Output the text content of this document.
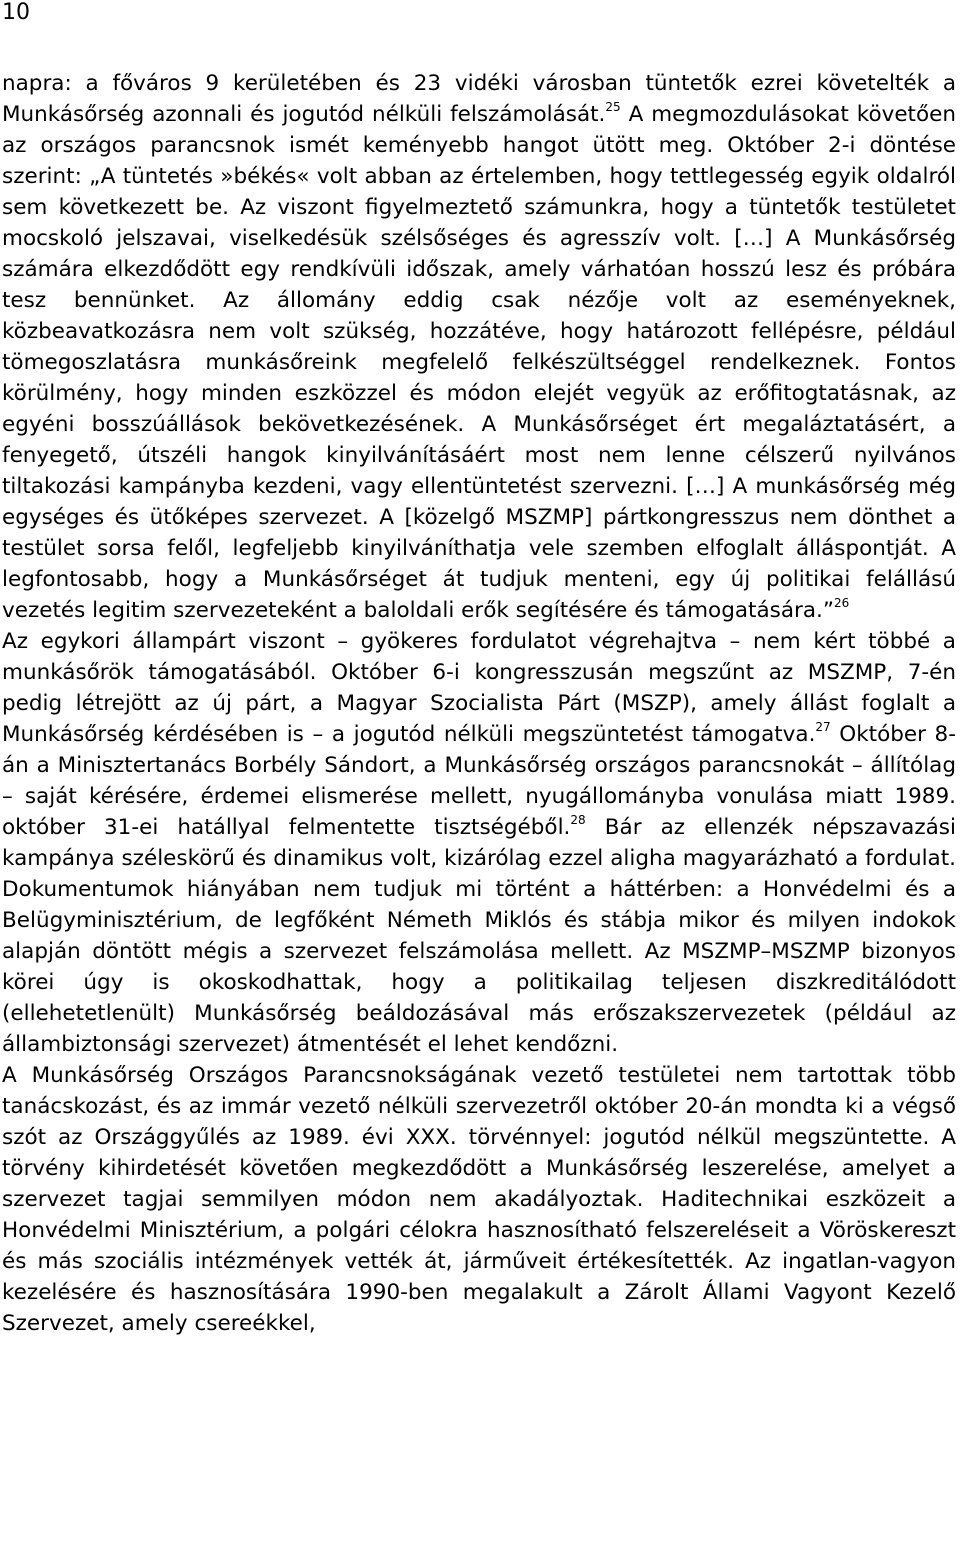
10

napra: a főváros 9 kerületében és 23 vidéki városban tüntetők ezrei követelték a Munkásőrség azonnali és jogutód nélküli felszámolását.$^{25}$ A megmozdulásokat követően az országos parancsnok ismét keményebb hangot ütött meg. Október 2-i döntése szerint: „A tüntetés »békés« volt abban az értelemben, hogy tettlegesség egyik oldalról sem következett be. Az viszont figyelmeztető számunkra, hogy a tüntetők testületet mocskoló jelszavai, viselkedésük szélsőséges és agresszív volt. […] A Munkásőrség számára elkezdődött egy rendkívüli időszak, amely várhatóan hosszú lesz és próbára tesz bennünket. Az állomány eddig csak nézője volt az eseményeknek, közbeavatkozásra nem volt szükség, hozzátéve, hogy határozott fellépésre, például tömegoszlatásra munkásőreink megfelelő felkészültséggel rendelkeznek. Fontos körülmény, hogy minden eszközzel és módon elejét vegyük az erőfitogtatásnak, az egyéni bosszúállások bekövetkezésének. A Munkásőrséget ért megaláztatásért, a fenyegető, útszéli hangok kinyilvánításáért most nem lenne célszerű nyilvános tiltakozási kampányba kezdeni, vagy ellentüntetést szervezni. […] A munkásőrség még egységes és ütőképes szervezet. A [közelgő MSZMP] pártkongresszus nem dönthet a testület sorsa felől, legfeljebb kinyilváníthatja vele szemben elfoglalt álláspontját. A legfontosabb, hogy a Munkásőrséget át tudjuk menteni, egy új politikai felállású vezetés legitim szervezeteként a baloldali erők segítésére és támogatására.”$^{26}$

Az egykori állampárt viszont – gyökeres fordulatot végrehajtva – nem kért többé a munkásőrök támogatásából. Október 6-i kongresszusán megszűnt az MSZMP, 7-én pedig létrejött az új párt, a Magyar Szocialista Párt (MSZP), amely állást foglalt a Munkásőrség kérdésében is – a jogutód nélküli megszüntetést támogatva.$^{27}$ Október 8-án a Minisztertanács Borbély Sándort, a Munkásőrség országos parancsnokát – állítólag – saját kérésére, érdemei elismerése mellett, nyugállományba vonulása miatt 1989. október 31-ei hatállyal felmentette tisztségéből.$^{28}$ Bár az ellenzék népszavazási kampánya széleskörű és dinamikus volt, kizárólag ezzel aligha magyarázható a fordulat. Dokumentumok hiányában nem tudjuk mi történt a háttérben: a Honvédelmi és a Belügyminisztérium, de legfőként Németh Miklós és stábja mikor és milyen indokok alapján döntött mégis a szervezet felszámolása mellett. Az MSZMP–MSZMP bizonyos körei úgy is okoskodhattak, hogy a politikailag teljesen diszkreditálódott (ellehetetlenült) Munkásőrség beáldozásával más erőszakszervezetek (például az állambiztonsági szervezet) átmentését el lehet kendőzni.

A Munkásőrség Országos Parancsnokságának vezető testületei nem tartottak több tanácskozást, és az immár vezető nélküli szervezetről október 20-án mondta ki a végső szót az Országgyűlés az 1989. évi XXX. törvénnyel: jogutód nélkül megszüntette. A törvény kihirdetését követően megkezdődött a Munkásőrség leszerelése, amelyet a szervezet tagjai semmilyen módon nem akadályoztak. Haditechnikai eszközeit a Honvédelmi Minisztérium, a polgári célokra hasznosítható felszereléseit a Vöröskereszt és más szociális intézmények vették át, járműveit értékesítették. Az ingatlan-vagyon kezelésére és hasznosítására 1990-ben megalakult a Zárolt Állami Vagyont Kezelő Szervezet, amely csereékkel,
